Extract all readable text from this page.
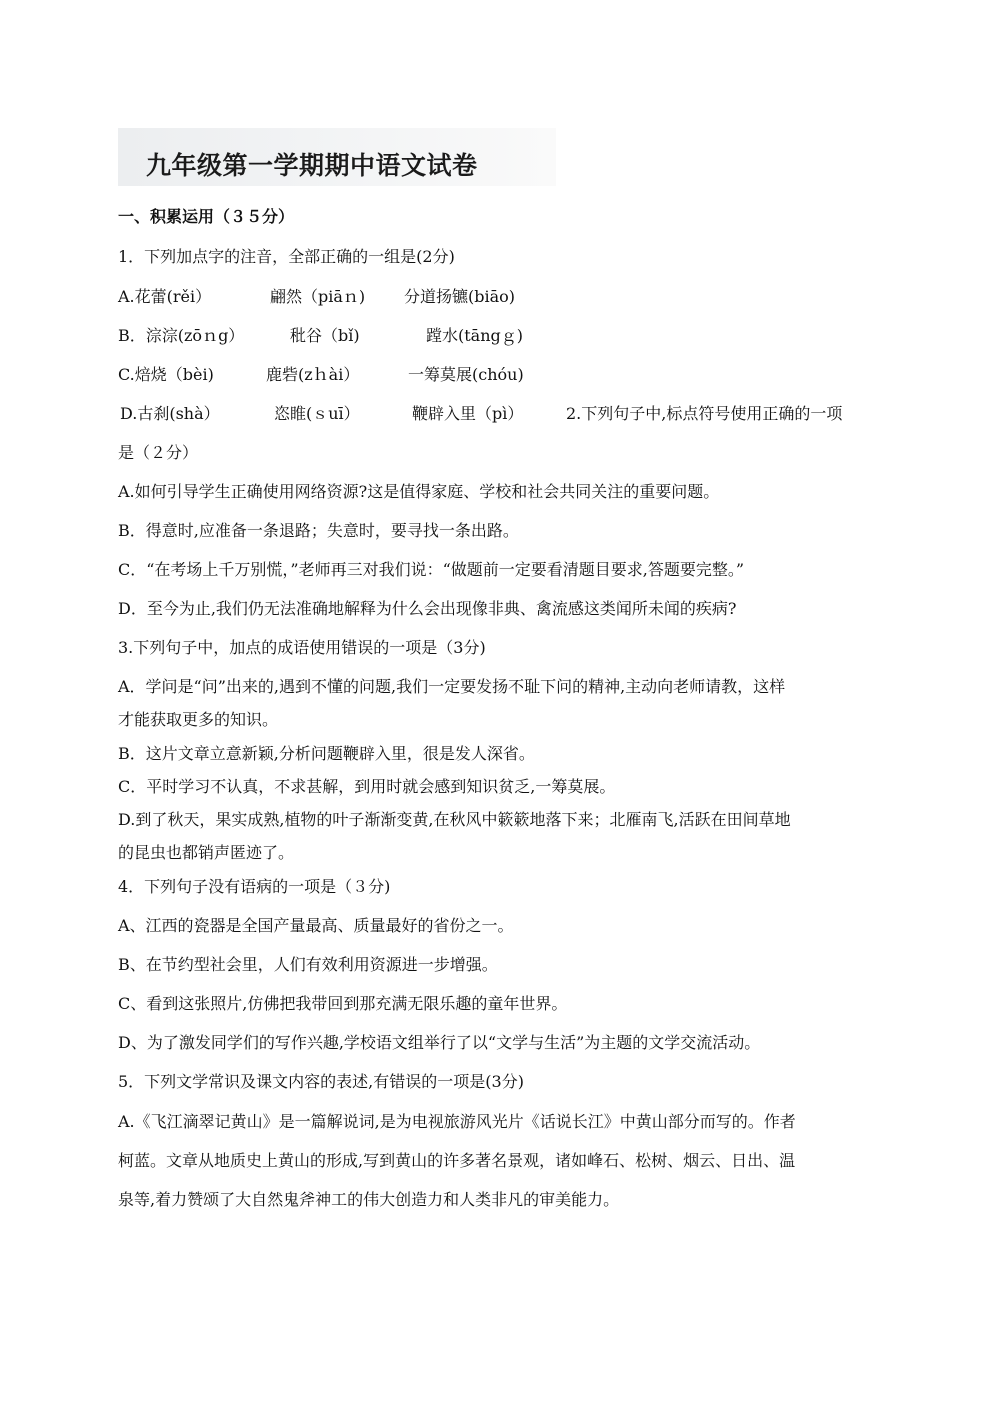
九年级第一学期期中语文试卷
一、积累运用（３５分）
1．下列加点字的注音，全部正确的一组是(2分)
A.花蕾(rěi）	翩然（piāｎ) 分道扬镳(biāo)
B．淙淙(zōｎg）	秕谷（bǐ)	蹚水(tāngｇ)
C.焙烧（bèi)	鹿砦(zｈài）	一筹莫展(chóu)
D.古刹(shà）	恣睢(ｓuī）	鞭辟入里（pì）	2.下列句子中,标点符号使用正确的一项
是（２分）
A.如何引导学生正确使用网络资源?这是值得家庭、学校和社会共同关注的重要问题。
B．得意时,应准备一条退路；失意时，要寻找一条出路。
C．“在考场上千万别慌，”老师再三对我们说：“做题前一定要看清题目要求,答题要完整。”
D．至今为止,我们仍无法准确地解释为什么会出现像非典、禽流感这类闻所未闻的疾病?
3.下列句子中，加点的成语使用错误的一项是（3分)
A．学问是“问”出来的,遇到不懂的问题,我们一定要发扬不耻下问的精神,主动向老师请教，这样
才能获取更多的知识。
B．这片文章立意新颖,分析问题鞭辟入里，很是发人深省。
C．平时学习不认真，不求甚解，到用时就会感到知识贫乏,一筹莫展。
D.到了秋天，果实成熟,植物的叶子渐渐变黄,在秋风中簌簌地落下来；北雁南飞,活跃在田间草地
的昆虫也都销声匿迹了。
4．下列句子没有语病的一项是（３分)
A、江西的瓷器是全国产量最高、质量最好的省份之一。
B、在节约型社会里，人们有效利用资源进一步增强。
C、看到这张照片,仿佛把我带回到那充满无限乐趣的童年世界。
D、为了激发同学们的写作兴趣,学校语文组举行了以“文学与生活”为主题的文学交流活动。
5．下列文学常识及课文内容的表述,有错误的一项是(3分)
A.《飞江滴翠记黄山》是一篇解说词,是为电视旅游风光片《话说长江》中黄山部分而写的。作者
柯蓝。文章从地质史上黄山的形成,写到黄山的许多著名景观，诸如峰石、松树、烟云、日出、温
泉等,着力赞颂了大自然鬼斧神工的伟大创造力和人类非凡的审美能力。
